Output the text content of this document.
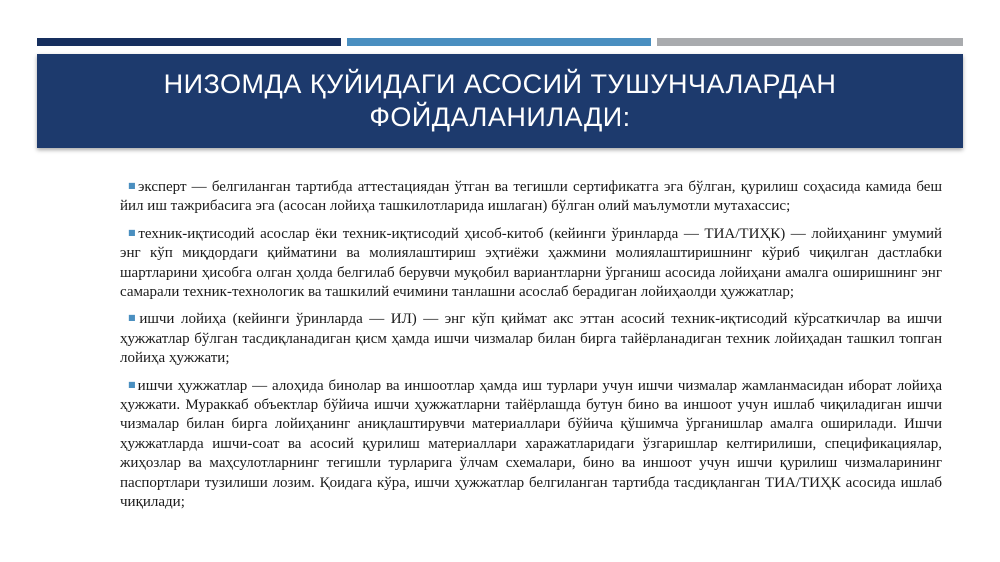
НИЗОМДА ҚУЙИДАГИ АСОСИЙ ТУШУНЧАЛАРДАН ФОЙДАЛАНИЛАДИ:

■эксперт — белгиланган тартибда аттестациядан ўтган ва тегишли сертификатга эга бўлган, қурилиш соҳасида камида беш йил иш тажрибасига эга (асосан лойиҳа ташкилотларида ишлаган) бўлган олий маълумотли мутахассис;

■техник-иқтисодий асослар ёки техник-иқтисодий ҳисоб-китоб (кейинги ўринларда — ТИА/ТИҲК) — лойиҳанинг умумий энг кўп миқдордаги қийматини ва молиялаштириш эҳтиёжи ҳажмини молиялаштиришнинг кўриб чиқилган дастлабки шартларини ҳисобга олган ҳолда белгилаб берувчи муқобил вариантларни ўрганиш асосида лойиҳани амалга оширишнинг энг самарали техник-технологик ва ташкилий ечимини танлашни асослаб берадиган лойиҳаолди ҳужжатлар;

■ишчи лойиҳа (кейинги ўринларда — ИЛ) — энг кўп қиймат акс эттан асосий техник-иқтисодий кўрсаткичлар ва ишчи ҳужжатлар бўлган тасдиқланадиган қисм ҳамда ишчи чизмалар билан бирга тайёрланадиган техник лойиҳадан ташкил топган лойиҳа ҳужжати;

■ишчи ҳужжатлар — алоҳида бинолар ва иншоотлар ҳамда иш турлари учун ишчи чизмалар жамланмасидан иборат лойиҳа ҳужжати. Мураккаб объектлар бўйича ишчи ҳужжатларни тайёрлашда бутун бино ва иншоот учун ишлаб чиқиладиган ишчи чизмалар билан бирга лойиҳанинг аниқлаштирувчи материаллари бўйича қўшимча ўрганишлар амалга оширилади. Ишчи ҳужжатларда ишчи-соат ва асосий қурилиш материаллари харажатларидаги ўзгаришлар келтирилиши, спецификациялар, жиҳозлар ва маҳсулотларнинг тегишли турларига ўлчам схемалари, бино ва иншоот учун ишчи қурилиш чизмаларининг паспортлари тузилиши лозим. Қоидага кўра, ишчи ҳужжатлар белгиланган тартибда тасдиқланган ТИА/ТИҲК асосида ишлаб чиқилади;
